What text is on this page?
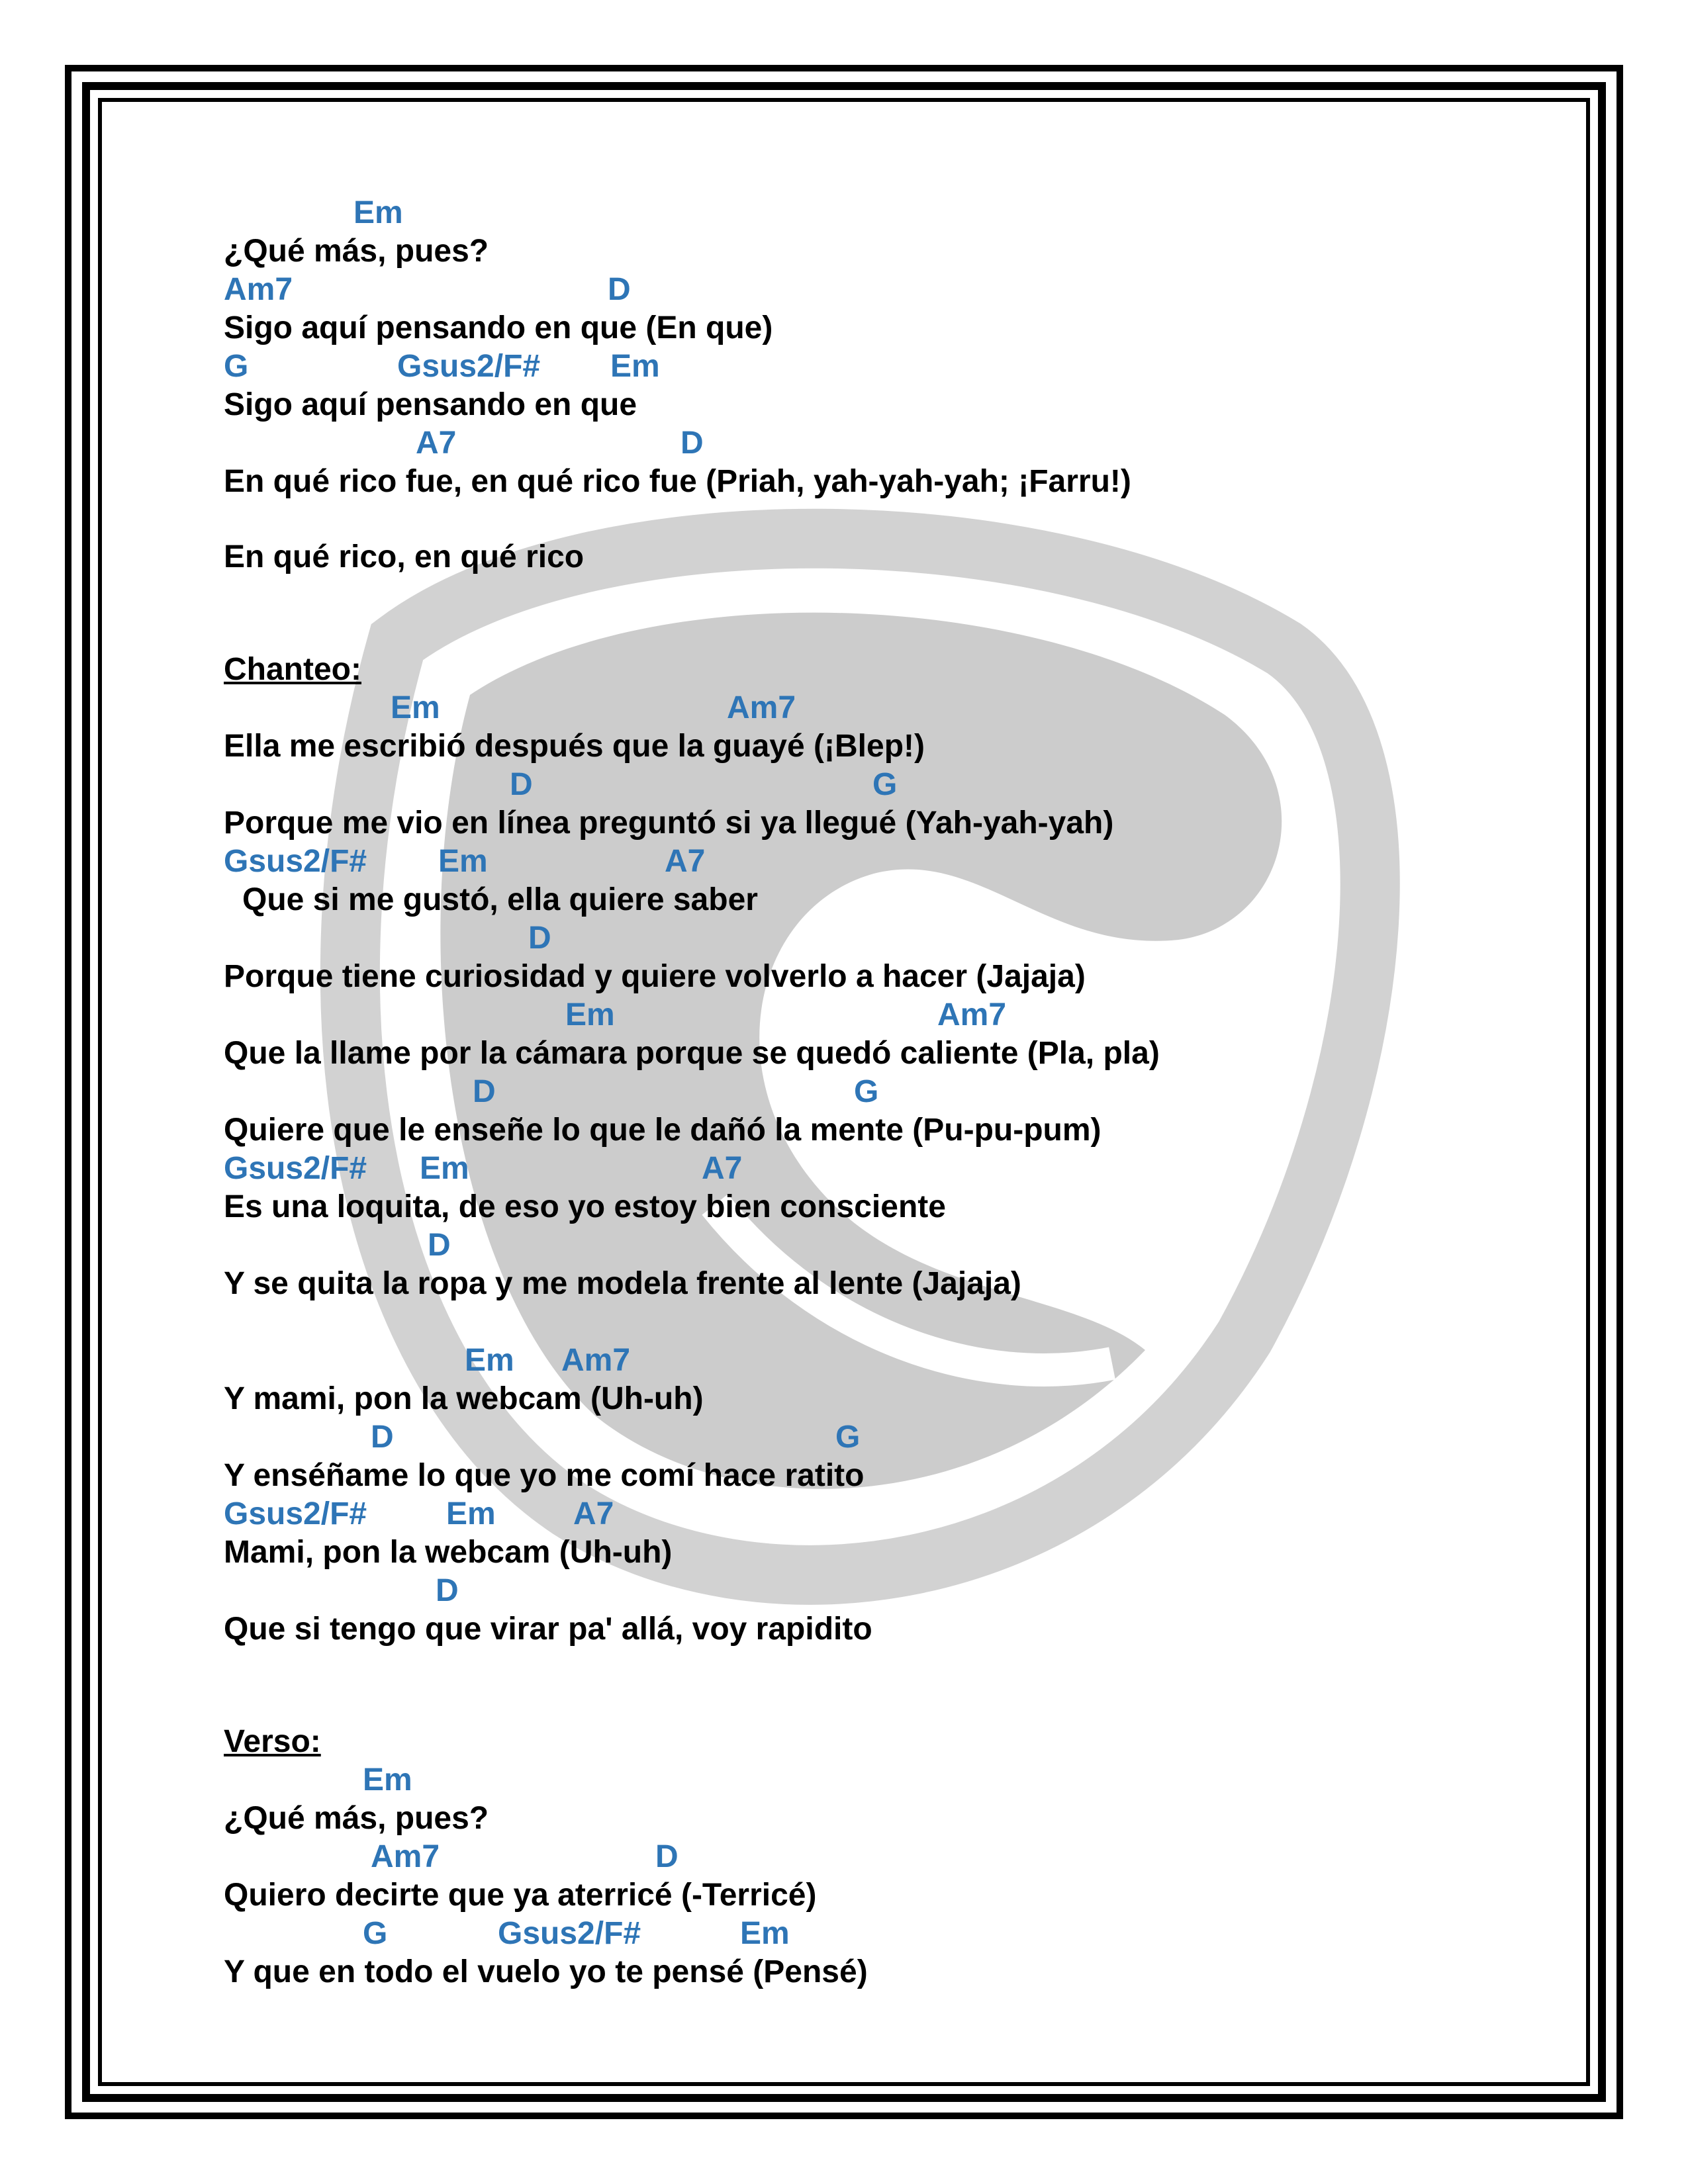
Em
¿Qué más, pues?
Am7	D
Sigo aquí pensando en que (En que)
G	Gsus2/F# Em
Sigo aquí pensando en que
A7	D
En qué rico fue, en qué rico fue (Priah, yah-yah-yah; ¡Farru!)
En qué rico, en qué rico
Chanteo:
Em	Am7
Ella me escribió después que la guayé (¡Blep!)
D	G
Porque me vio en línea preguntó si ya llegué (Yah-yah-yah)
Gsus2/F# Em	A7
Que si me gustó, ella quiere saber
D
Porque tiene curiosidad y quiere volverlo a hacer (Jajaja)
Em	Am7
Que la llame por la cámara porque se quedó caliente (Pla, pla)
D	G
Quiere que le enseñe lo que le dañó la mente (Pu-pu-pum)
Gsus2/F# Em	A7
Es una loquita, de eso yo estoy bien consciente
D
Y se quita la ropa y me modela frente al lente (Jajaja)
Em Am7
Y mami, pon la webcam (Uh-uh)
D	G
Y enséñame lo que yo me comí hace ratito
Gsus2/F# Em A7
Mami, pon la webcam (Uh-uh)
D
Que si tengo que virar pa' allá, voy rapidito
Verso:
Em
¿Qué más, pues?
Am7	D
Quiero decirte que ya aterricé (-Terricé)
G	Gsus2/F#	Em
Y que en todo el vuelo yo te pensé (Pensé)
